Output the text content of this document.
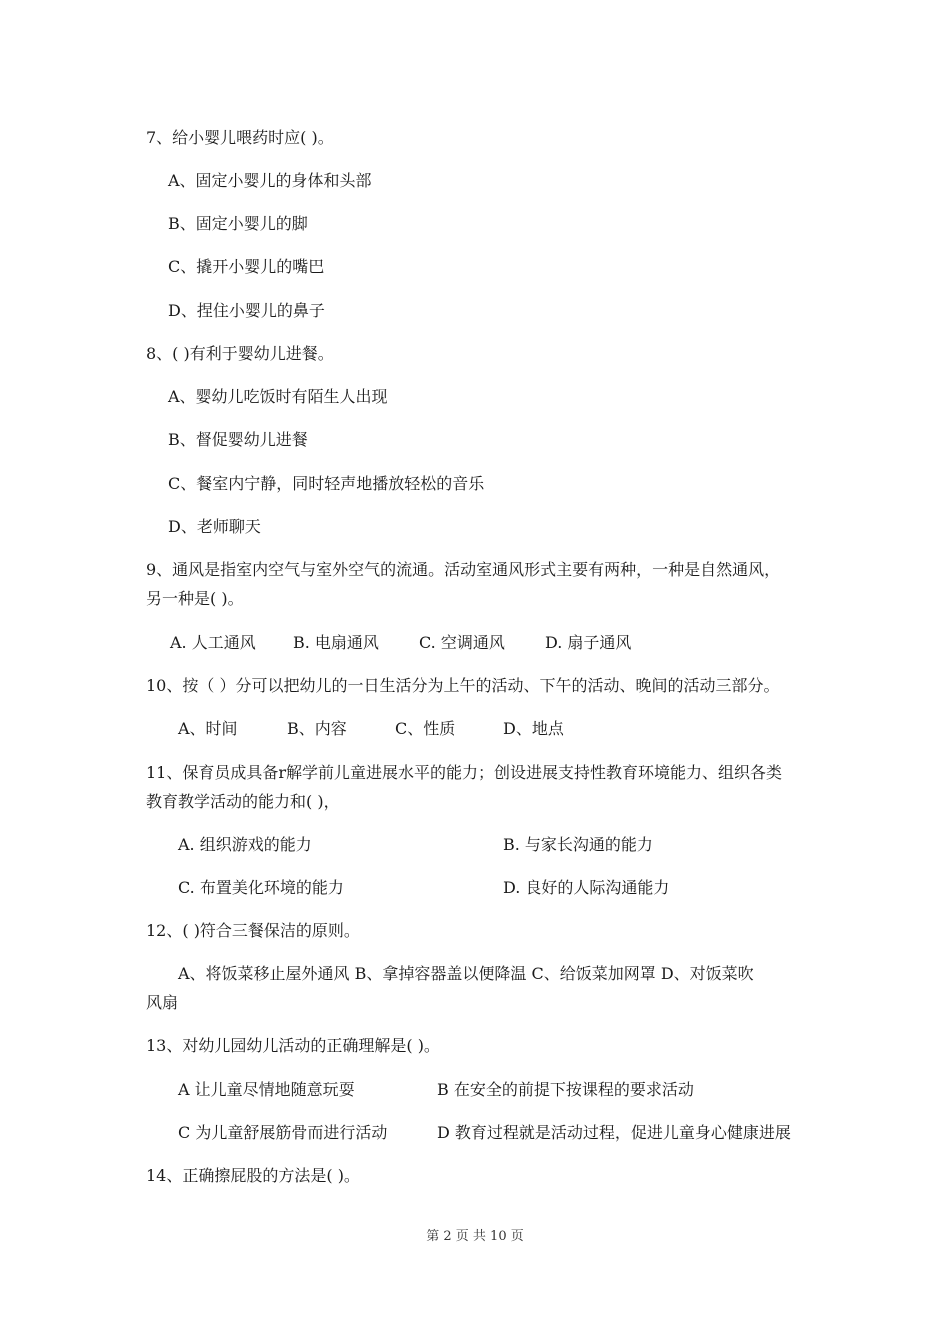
7、给小婴儿喂药时应( )。
A、固定小婴儿的身体和头部
B、固定小婴儿的脚
C、撬开小婴儿的嘴巴
D、捏住小婴儿的鼻子
8、( )有利于婴幼儿进餐。
A、婴幼儿吃饭时有陌生人出现
B、督促婴幼儿进餐
C、餐室内宁静，同时轻声地播放轻松的音乐
D、老师聊天
9、通风是指室内空气与室外空气的流通。活动室通风形式主要有两种，一种是自然通风，
另一种是( )。
A. 人工通风 B. 电扇通风	C. 空调通风	D. 扇子通风
10、按（ ）分可以把幼儿的一日生活分为上午的活动、下午的活动、晚间的活动三部分。
A、时间	B、内容	C、性质	D、地点
11、保育员成具备r解学前儿童进展水平的能力；创设进展支持性教育环境能力、组织各类
教育教学活动的能力和( )，
A. 组织游戏的能力	B. 与家长沟通的能力
C. 布置美化环境的能力	D. 良好的人际沟通能力
12、( )符合三餐保洁的原则。
A、将饭菜移止屋外通风 B、拿掉容器盖以便降温 C、给饭菜加网罩 D、对饭菜吹
风扇
13、对幼儿园幼儿活动的正确理解是( )。
A 让儿童尽情地随意玩耍	B 在安全的前提下按课程的要求活动
C 为儿童舒展筋骨而进行活动	D 教育过程就是活动过程，促进儿童身心健康进展
14、正确擦屁股的方法是( )。
第 2 页 共 10 页
